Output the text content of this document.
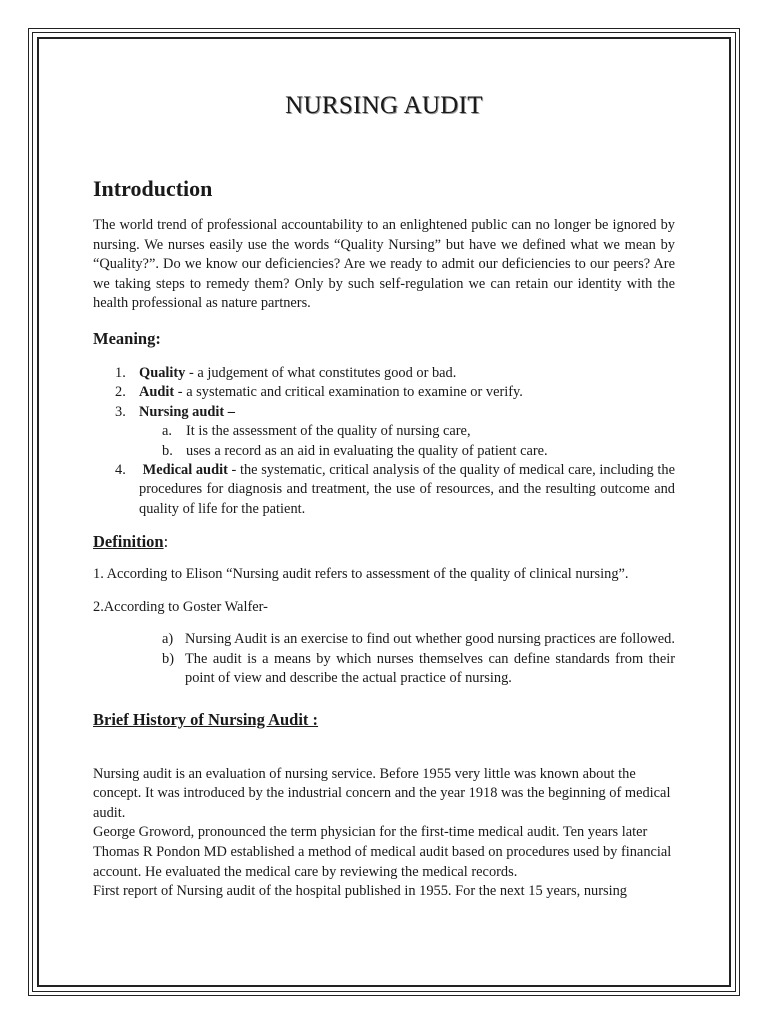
NURSING AUDIT
Introduction

The world trend of professional accountability to an enlightened public can no longer be ignored by nursing. We nurses easily use the words “Quality Nursing” but have we defined what we mean by “Quality?”. Do we know our deficiencies? Are we ready to admit our deficiencies to our peers? Are we taking steps to remedy them? Only by such self-regulation we can retain our identity with the health professional as nature partners.

Meaning:
1. Quality - a judgement of what constitutes good or bad.
2. Audit - a systematic and critical examination to examine or verify.
3. Nursing audit –
a. It is the assessment of the quality of nursing care,
b. uses a record as an aid in evaluating the quality of patient care.
4. Medical audit - the systematic, critical analysis of the quality of medical care, including the procedures for diagnosis and treatment, the use of resources, and the resulting outcome and quality of life for the patient.
Definition:

1. According to Elison “Nursing audit refers to assessment of the quality of clinical nursing”.

2.According to Goster Walfer-

a) Nursing Audit is an exercise to find out whether good nursing practices are followed.
b) The audit is a means by which nurses themselves can define standards from their point of view and describe the actual practice of nursing.
Brief History of Nursing Audit :

Nursing audit is an evaluation of nursing service. Before 1955 very little was known about the concept. It was introduced by the industrial concern and the year 1918 was the beginning of medical audit.

George Groword, pronounced the term physician for the first-time medical audit. Ten years later Thomas R Pondon MD established a method of medical audit based on procedures used by financial account. He evaluated the medical care by reviewing the medical records.

First report of Nursing audit of the hospital published in 1955. For the next 15 years, nursing
